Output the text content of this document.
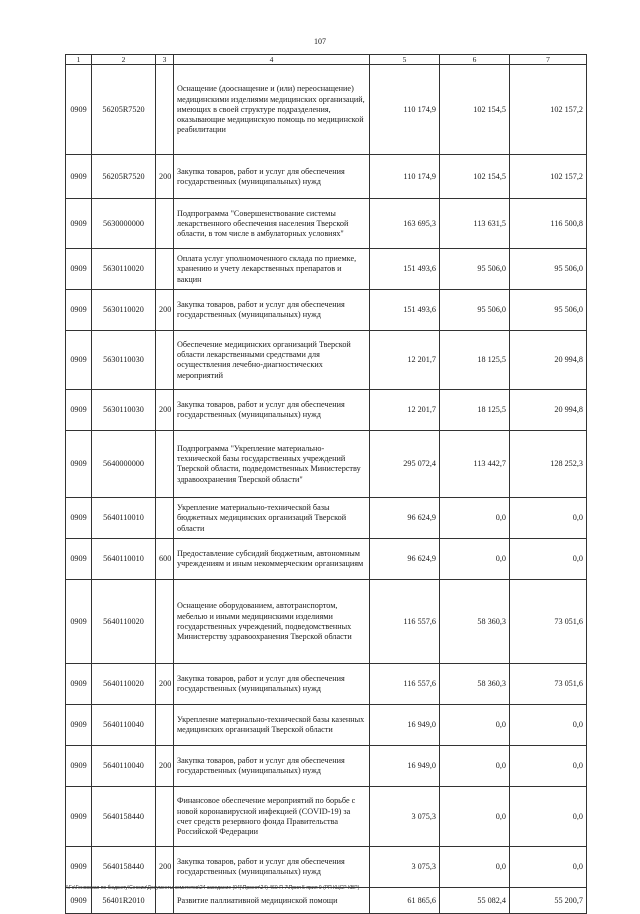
107
1	2	3	4	5	6	7
0909	56205R7520		Оснащение (дооснащение и (или) переоснащение) медицинскими изделиями медицинских организаций, имеющих в своей структуре подразделения, оказывающие медицинскую помощь по медицинской реабилитации	110 174,9	102 154,5	102 157,2
0909	56205R7520	200	Закупка товаров, работ и услуг для обеспечения государственных (муниципальных) нужд	110 174,9	102 154,5	102 157,2
0909	5630000000		Подпрограмма "Совершенствование системы лекарственного обеспечения населения Тверской области, в том числе в амбулаторных условиях"	163 695,3	113 631,5	116 500,8
0909	5630110020		Оплата услуг уполномоченного склада по приемке, хранению и учету лекарственных препаратов и вакцин	151 493,6	95 506,0	95 506,0
0909	5630110020	200	Закупка товаров, работ и услуг для обеспечения государственных (муниципальных) нужд	151 493,6	95 506,0	95 506,0
0909	5630110030		Обеспечение медицинских организаций Тверской области лекарственными средствами для осуществления лечебно-диагностических мероприятий	12 201,7	18 125,5	20 994,8
0909	5630110030	200	Закупка товаров, работ и услуг для обеспечения государственных (муниципальных) нужд	12 201,7	18 125,5	20 994,8
0909	5640000000		Подпрограмма "Укрепление материально-технической базы государственных учреждений Тверской области, подведомственных Министерству здравоохранения Тверской области"	295 072,4	113 442,7	128 252,3
0909	5640110010		Укрепление материально-технической базы бюджетных медицинских организаций Тверской области	96 624,9	0,0	0,0
0909	5640110010	600	Предоставление субсидий бюджетным, автономным учреждениям и иным некоммерческим организациям	96 624,9	0,0	0,0
0909	5640110020		Оснащение оборудованием, автотранспортом, мебелью и иными медицинскими изделиями государственных учреждений, подведомственных Министерству здравоохранения Тверской области	116 557,6	58 360,3	73 051,6
0909	5640110020	200	Закупка товаров, работ и услуг для обеспечения государственных (муниципальных) нужд	116 557,6	58 360,3	73 051,6
0909	5640110040		Укрепление материально-технической базы казенных медицинских организаций Тверской области	16 949,0	0,0	0,0
0909	5640110040	200	Закупка товаров, работ и услуг для обеспечения государственных (муниципальных) нужд	16 949,0	0,0	0,0
0909	5640158440		Финансовое обеспечение мероприятий по борьбе с новой коронавирусной инфекцией (COVID-19) за счет средств резервного фонда Правительства Российской Федерации	3 075,3	0,0	0,0
0909	5640158440	200	Закупка товаров, работ и услуг для обеспечения государственных (муниципальных) нужд	3 075,3	0,0	0,0
0909	56401R2010		Развитие паллиативной медицинской помощи	61 865,6	55 082,4	55 200,7
\\Fs\Геновская по бюджету\Сессии\Документы комитетов\24 заседание (04)\Проект\24) 460-П-7\Прил 5 прил 9 (РП КЦСР КВР)
